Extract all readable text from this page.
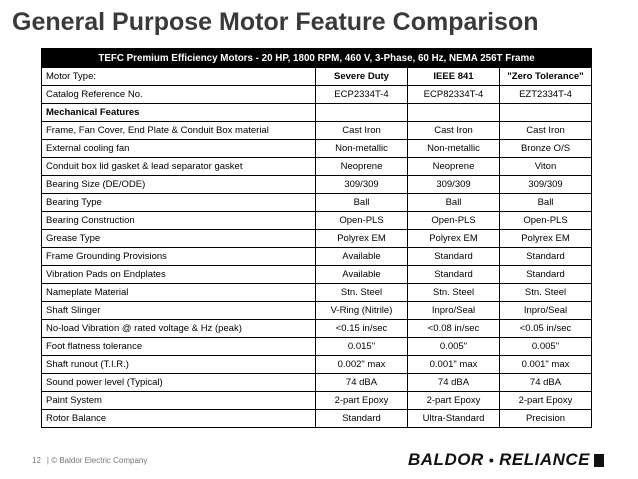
General Purpose Motor Feature Comparison
TEFC Premium Efficiency Motors - 20 HP, 1800 RPM, 460 V, 3-Phase, 60 Hz, NEMA 256T Frame			
Motor Type:	Severe Duty	IEEE 841	"Zero Tolerance"
Catalog Reference No.	ECP2334T-4	ECP82334T-4	EZT2334T-4
Mechanical Features			
Frame, Fan Cover, End Plate & Conduit Box material	Cast Iron	Cast Iron	Cast Iron
External cooling fan	Non-metallic	Non-metallic	Bronze O/S
Conduit box lid gasket & lead separator gasket	Neoprene	Neoprene	Viton
Bearing Size (DE/ODE)	309/309	309/309	309/309
Bearing Type	Ball	Ball	Ball
Bearing Construction	Open-PLS	Open-PLS	Open-PLS
Grease Type	Polyrex EM	Polyrex EM	Polyrex EM
Frame Grounding Provisions	Available	Standard	Standard
Vibration Pads on Endplates	Available	Standard	Standard
Nameplate Material	Stn. Steel	Stn. Steel	Stn. Steel
Shaft Slinger	V-Ring (Nitrile)	Inpro/Seal	Inpro/Seal
No-load Vibration @ rated voltage & Hz (peak)	<0.15 in/sec	<0.08 in/sec	<0.05 in/sec
Foot flatness tolerance	0.015"	0.005"	0.005"
Shaft runout (T.I.R.)	0.002" max	0.001" max	0.001" max
Sound power level (Typical)	74 dBA	74 dBA	74 dBA
Paint System	2-part Epoxy	2-part Epoxy	2-part Epoxy
Rotor Balance	Standard	Ultra-Standard	Precision
12 | © Baldor Electric Company	BALDOR • RELIANCE
